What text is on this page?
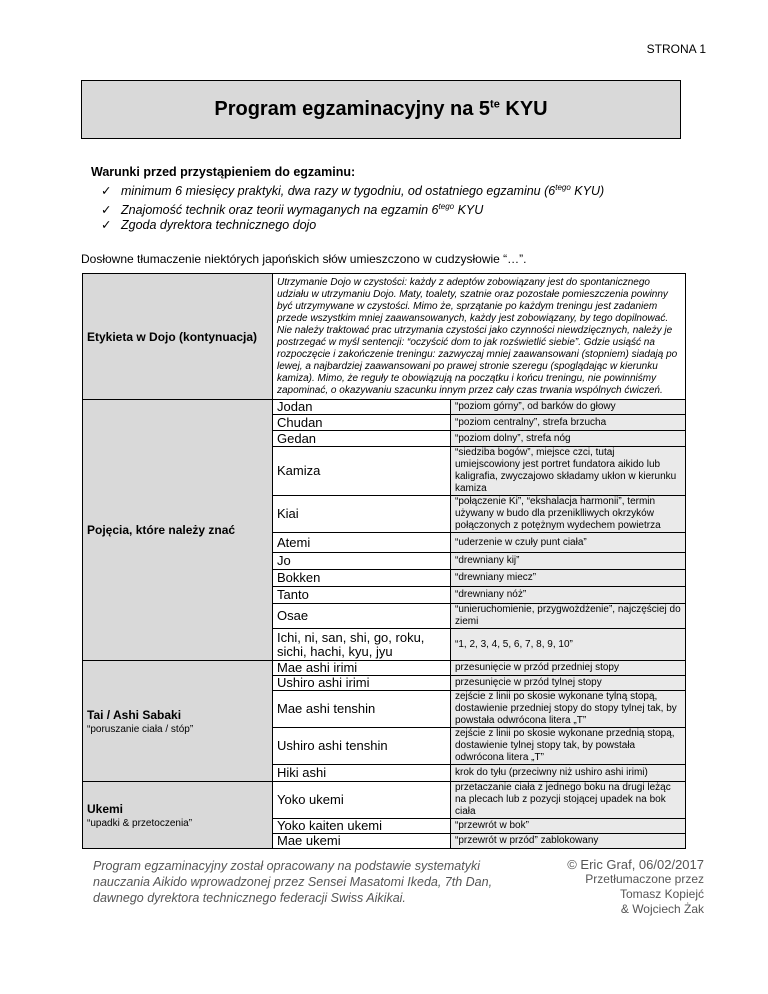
STRONA 1
Program egzaminacyjny na $5^{te}$ KYU
Warunki przed przystąpieniem do egzaminu:
✓ minimum 6 miesięcy praktyki, dwa razy w tygodniu, od ostatniego egzaminu ($6^{tego}$ KYU)
✓ Znajomość technik oraz teorii wymaganych na egzamin $6^{tego}$ KYU
✓ Zgoda dyrektora technicznego dojo
Dosłowne tłumaczenie niektórych japońskich słów umieszczono w cudzysłowie “…”.
Etykieta w Dojo (kontynuacja)	Utrzymanie Dojo w czystości: każdy z adeptów zobowiązany jest do spontanicznego udziału w utrzymaniu Dojo. Maty, toalety, szatnie oraz pozostałe pomieszczenia powinny być utrzymywane w czystości. Mimo że, sprzątanie po każdym treningu jest zadaniem przede wszystkim mniej zaawansowanych, każdy jest zobowiązany, by tego dopilnować. Nie należy traktować prac utrzymania czystości jako czynności niewdzięcznych, należy je postrzegać w myśl sentencji: “oczyścić dom to jak rozświetlić siebie”. Gdzie usiąść na rozpoczęcie i zakończenie treningu: zazwyczaj mniej zaawansowani (stopniem) siadają po lewej, a najbardziej zaawansowani po prawej stronie szeregu (spoglądając w kierunku kamiza). Mimo, że reguły te obowiązują na początku i końcu treningu, nie powinniśmy zapominać, o okazywaniu szacunku innym przez cały czas trwania wspólnych ćwiczeń.	
Pojęcia, które należy znać	Jodan	“poziom górny”, od barków do głowy
	Chudan	“poziom centralny”, strefa brzucha
	Gedan	“poziom dolny”, strefa nóg
	Kamiza	“siedziba bogów”, miejsce czci, tutaj umiejscowiony jest portret fundatora aikido lub kaligrafia, zwyczajowo składamy ukłon w kierunku kamiza
	Kiai	“połączenie Ki”, “ekshalacja harmonii”, termin używany w budo dla przeniklliwych okrzyków połączonych z potężnym wydechem powietrza
	Atemi	“uderzenie w czuły punt ciała”
	Jo	“drewniany kij”
	Bokken	“drewniany miecz”
	Tanto	“drewniany nóż”
	Osae	“unieruchomienie, przygwożdżenie”, najczęściej do ziemi
	Ichi, ni, san, shi, go, roku, sichi, hachi, kyu, jyu	“1, 2, 3, 4, 5, 6, 7, 8, 9, 10”
Tai / Ashi Sabaki
“poruszanie ciała / stóp”	Mae ashi irimi	przesunięcie w przód przedniej stopy
	Ushiro ashi irimi	przesunięcie w przód tylnej stopy
	Mae ashi tenshin	zejście z linii po skosie wykonane tylną stopą, dostawienie przedniej stopy do stopy tylnej tak, by powstała odwrócona litera „T”
	Ushiro ashi tenshin	zejście z linii po skosie wykonane przednią stopą, dostawienie tylnej stopy tak, by powstała odwrócona litera „T”
	Hiki ashi	krok do tyłu (przeciwny niż ushiro ashi irimi)
Ukemi
“upadki & przetoczenia”	Yoko ukemi	przetaczanie ciała z jednego boku na drugi leżąc na plecach lub z pozycji stojącej upadek na bok ciała
	Yoko kaiten ukemi	“przewrót w bok”
	Mae ukemi	“przewrót w przód” zablokowany
Program egzaminacyjny został opracowany na podstawie systematyki nauczania Aikido wprowadzonej przez Sensei Masatomi Ikeda, 7th Dan, dawnego dyrektora technicznego federacji Swiss Aikikai.
© Eric Graf, 06/02/2017
Przetłumaczone przez
Tomasz Kopiejć
& Wojciech Żak
